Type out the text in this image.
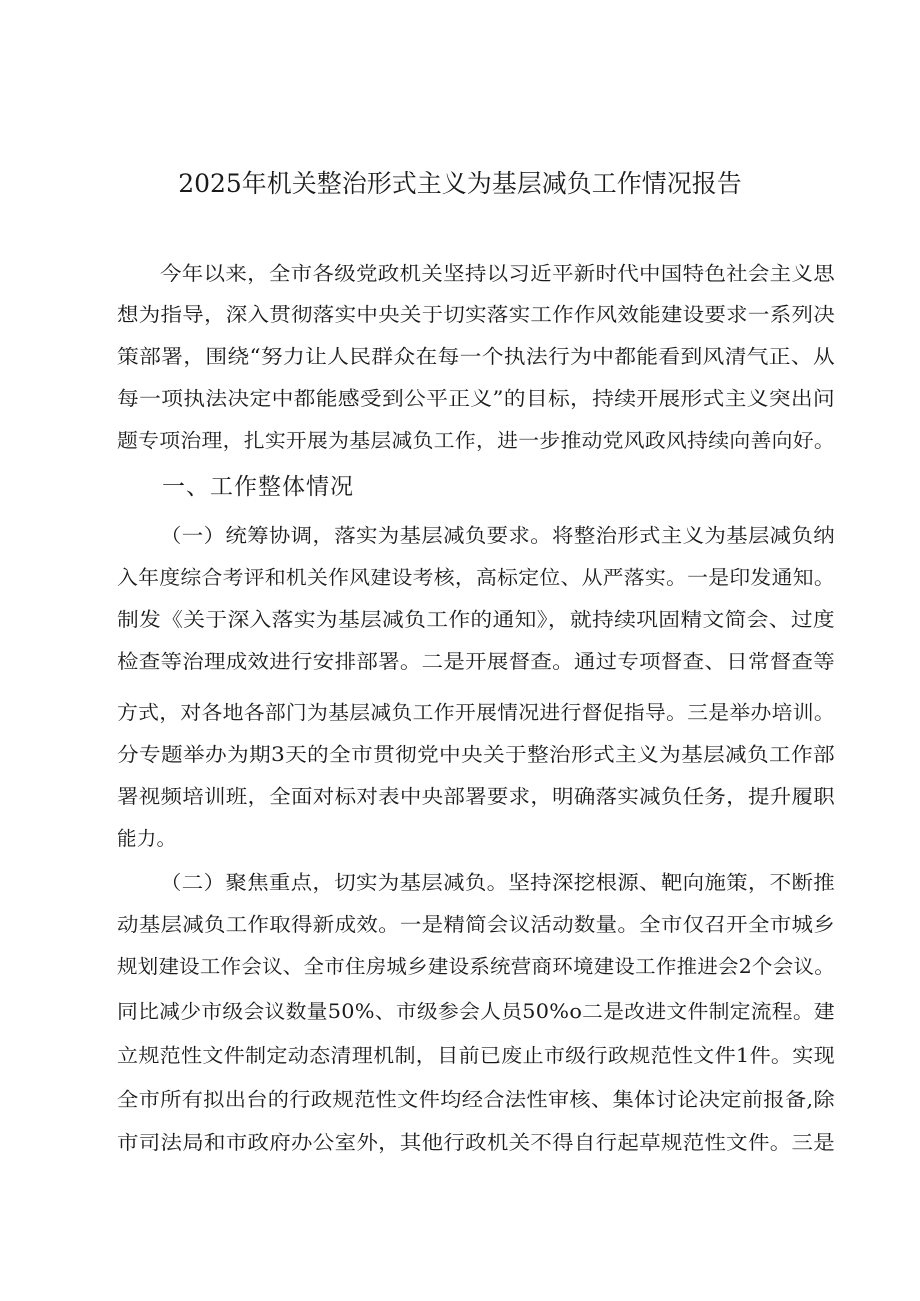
2025年机关整治形式主义为基层减负工作情况报告
今年以来，全市各级党政机关坚持以习近平新时代中国特色社会主义思
想为指导，深入贯彻落实中央关于切实落实工作作风效能建设要求一系列决
策部署，围绕“努力让人民群众在每一个执法行为中都能看到风清气正、从
每一项执法决定中都能感受到公平正义”的目标，持续开展形式主义突出问
题专项治理，扎实开展为基层减负工作，进一步推动党风政风持续向善向好。
一、工作整体情况
（一）统筹协调，落实为基层减负要求。将整治形式主义为基层减负纳
入年度综合考评和机关作风建设考核，高标定位、从严落实。一是印发通知。
制发《关于深入落实为基层减负工作的通知》，就持续巩固精文简会、过度
检查等治理成效进行安排部署。二是开展督查。通过专项督查、日常督查等
方式，对各地各部门为基层减负工作开展情况进行督促指导。三是举办培训。
分专题举办为期3天的全市贯彻党中央关于整治形式主义为基层减负工作部
署视频培训班，全面对标对表中央部署要求，明确落实减负任务，提升履职
能力。
（二）聚焦重点，切实为基层减负。坚持深挖根源、靶向施策，不断推
动基层减负工作取得新成效。一是精简会议活动数量。全市仅召开全市城乡
规划建设工作会议、全市住房城乡建设系统营商环境建设工作推进会2个会议。
同比减少市级会议数量50%、市级参会人员50%o二是改进文件制定流程。建
立规范性文件制定动态清理机制，目前已废止市级行政规范性文件1件。实现
全市所有拟出台的行政规范性文件均经合法性审核、集体讨论决定前报备,除
市司法局和市政府办公室外，其他行政机关不得自行起草规范性文件。三是
